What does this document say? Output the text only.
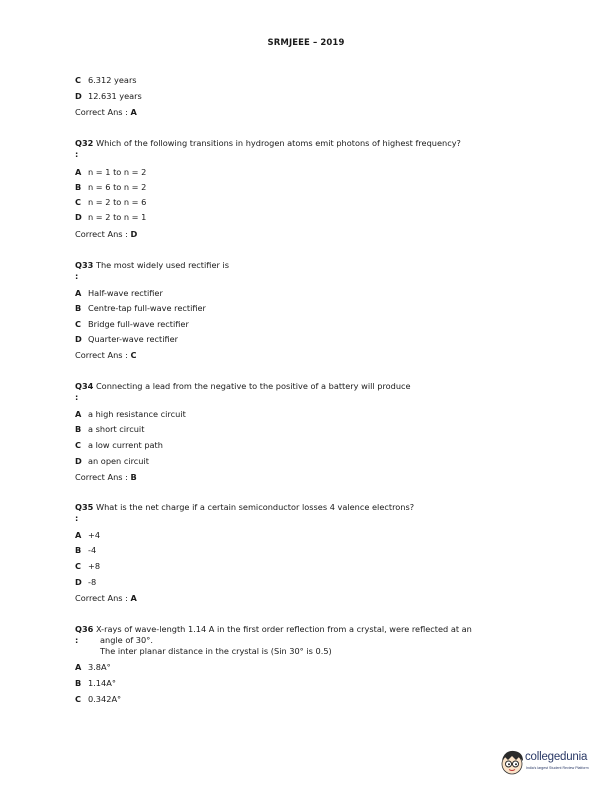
SRMJEEE – 2019
C 6.312 years
D 12.631 years
Correct Ans : A
Q32 Which of the following transitions in hydrogen atoms emit photons of highest frequency?
:
A n = 1 to n = 2
B n = 6 to n = 2
C n = 2 to n = 6
D n = 2 to n = 1
Correct Ans : D
Q33 The most widely used rectifier is
:
A Half-wave rectifier
B Centre-tap full-wave rectifier
C Bridge full-wave rectifier
D Quarter-wave rectifier
Correct Ans : C
Q34 Connecting a lead from the negative to the positive of a battery will produce
:
A a high resistance circuit
B a short circuit
C a low current path
D an open circuit
Correct Ans : B
Q35 What is the net charge if a certain semiconductor losses 4 valence electrons?
:
A +4
B -4
C +8
D -8
Correct Ans : A
Q36 X-rays of wave-length 1.14 A in the first order reflection from a crystal, were reflected at an
:	angle of 30°.
The inter planar distance in the crystal is (Sin 30° is 0.5)
A 3.8A°
B 1.14A°
C 0.342A°
collegedunia
India's largest Student Review Platform
